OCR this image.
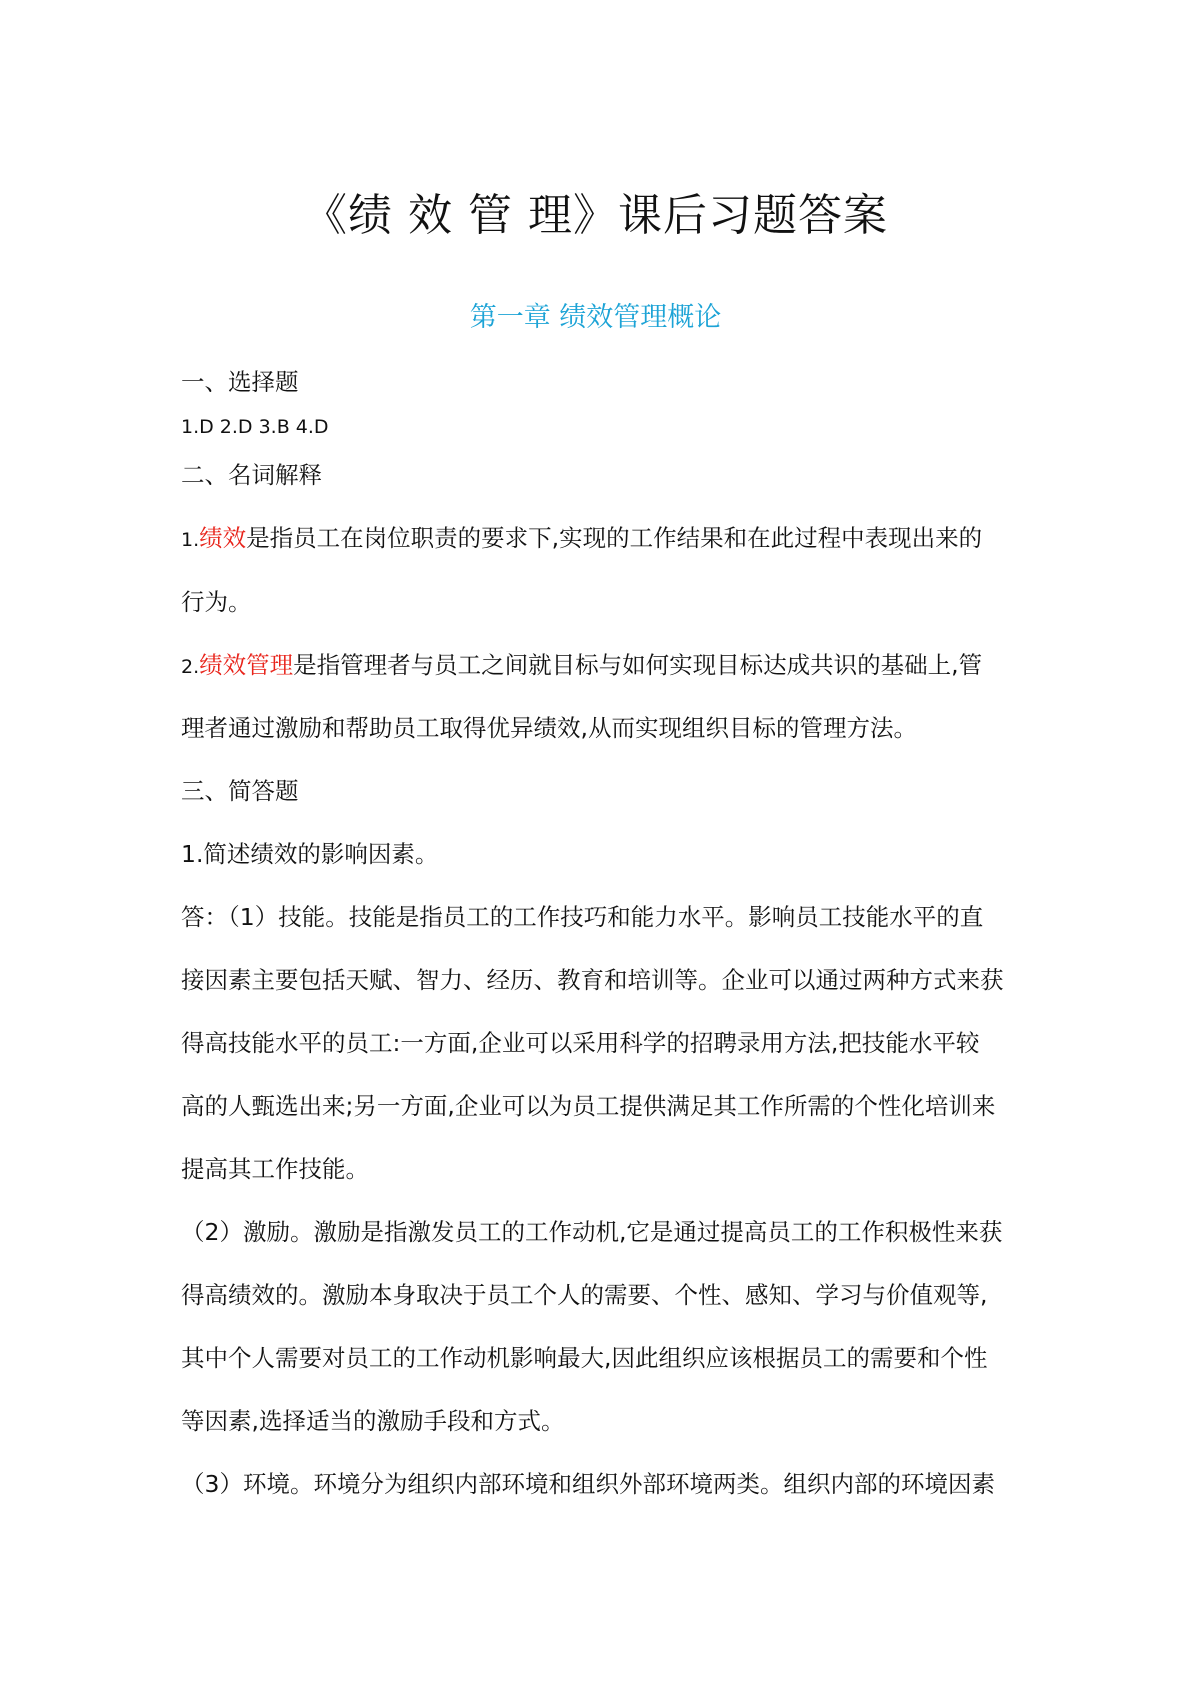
《绩 效 管 理》课后习题答案
第一章 绩效管理概论
一、选择题
1.D 2.D 3.B 4.D
二、名词解释
1.绩效是指员工在岗位职责的要求下,实现的工作结果和在此过程中表现出来的
行为。
2.绩效管理是指管理者与员工之间就目标与如何实现目标达成共识的基础上,管
理者通过激励和帮助员工取得优异绩效,从而实现组织目标的管理方法。
三、简答题
1.简述绩效的影响因素。
答：（1）技能。技能是指员工的工作技巧和能力水平。影响员工技能水平的直
接因素主要包括天赋、智力、经历、教育和培训等。企业可以通过两种方式来获
得高技能水平的员工:一方面,企业可以采用科学的招聘录用方法,把技能水平较
高的人甄选出来;另一方面,企业可以为员工提供满足其工作所需的个性化培训来
提高其工作技能。
（2）激励。激励是指激发员工的工作动机,它是通过提高员工的工作积极性来获
得高绩效的。激励本身取决于员工个人的需要、个性、感知、学习与价值观等,
其中个人需要对员工的工作动机影响最大,因此组织应该根据员工的需要和个性
等因素,选择适当的激励手段和方式。
（3）环境。环境分为组织内部环境和组织外部环境两类。组织内部的环境因素
